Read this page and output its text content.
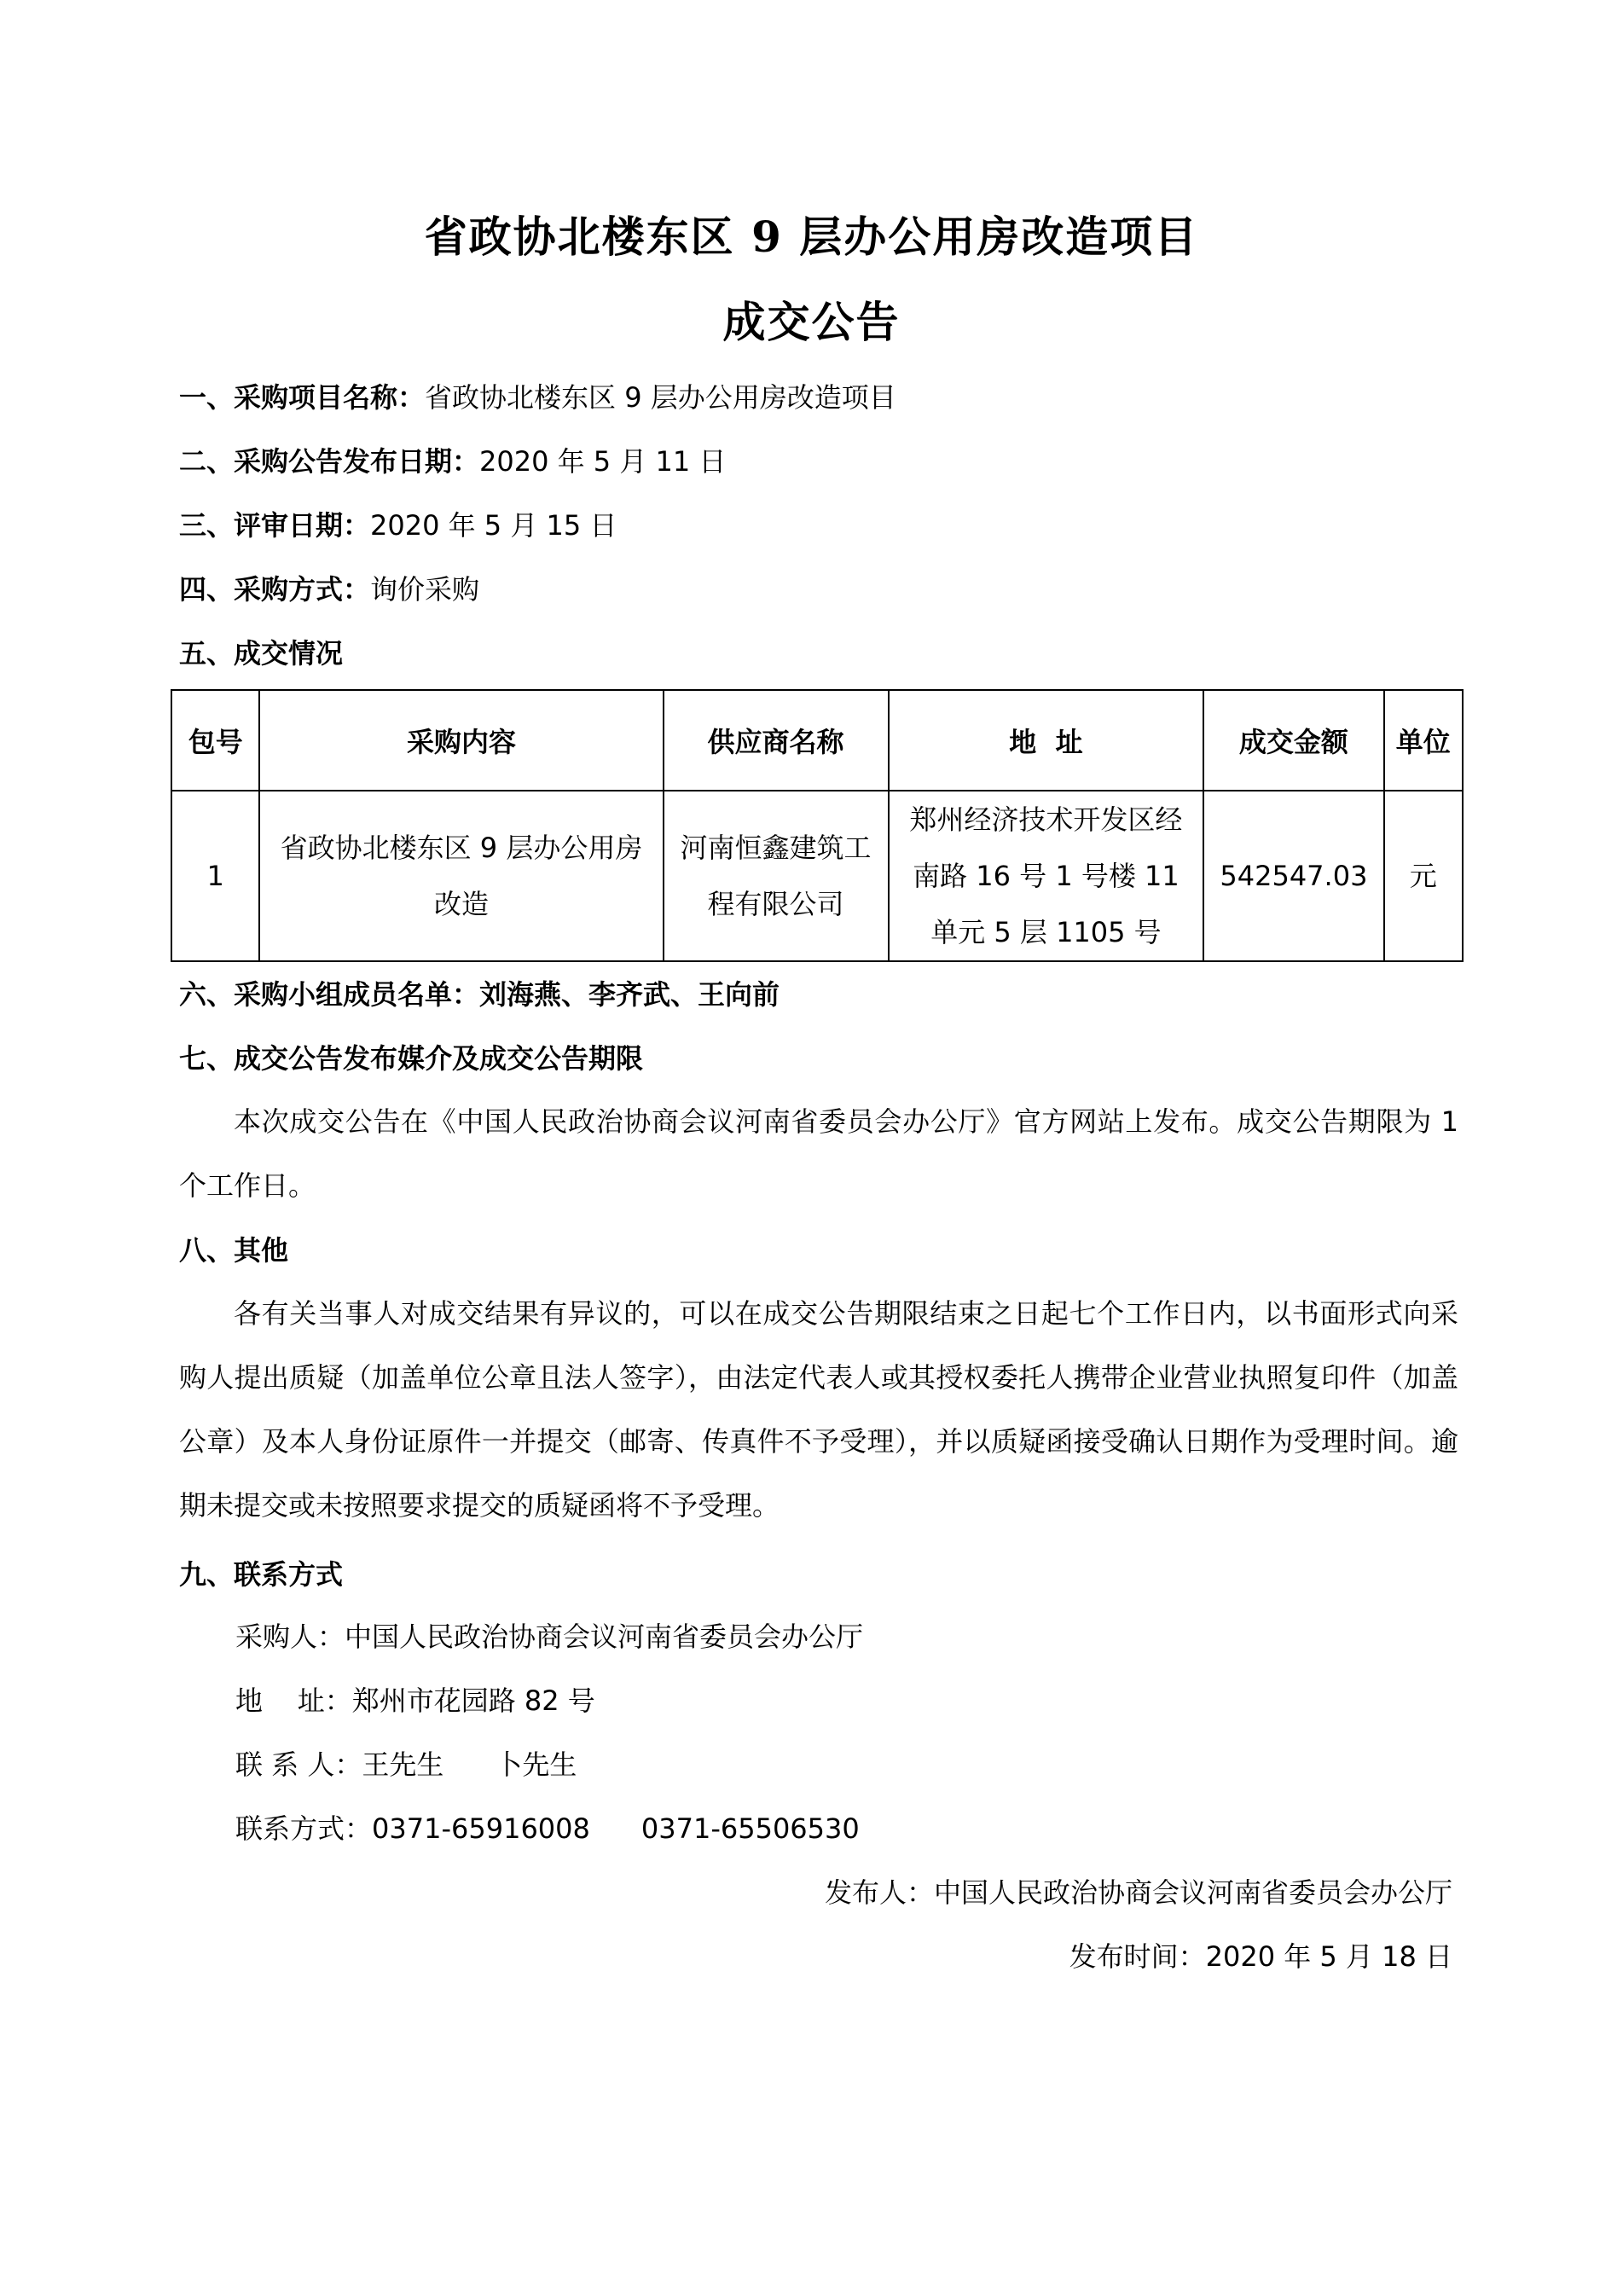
省政协北楼东区 9 层办公用房改造项目
成交公告
一、采购项目名称：省政协北楼东区 9 层办公用房改造项目
二、采购公告发布日期：2020 年 5 月 11 日
三、评审日期：2020 年 5 月 15 日
四、采购方式：询价采购
五、成交情况
包号	采购内容	供应商名称	地  址	成交金额	单位
1	省政协北楼东区 9 层办公用房改造	河南恒鑫建筑工程有限公司	郑州经济技术开发区经南路 16 号 1 号楼 11 单元 5 层 1105 号	542547.03	元
六、采购小组成员名单：刘海燕、李齐武、王向前
七、成交公告发布媒介及成交公告期限
本次成交公告在《中国人民政治协商会议河南省委员会办公厅》官方网站上发布。成交公告期限为 1 个工作日。
八、其他
各有关当事人对成交结果有异议的，可以在成交公告期限结束之日起七个工作日内，以书面形式向采购人提出质疑（加盖单位公章且法人签字），由法定代表人或其授权委托人携带企业营业执照复印件（加盖公章）及本人身份证原件一并提交（邮寄、传真件不予受理），并以质疑函接受确认日期作为受理时间。逾期未提交或未按照要求提交的质疑函将不予受理。
九、联系方式
采购人：中国人民政治协商会议河南省委员会办公厅
地    址：郑州市花园路 82 号
联 系 人：王先生 卜先生
联系方式：0371-65916008 0371-65506530
发布人：中国人民政治协商会议河南省委员会办公厅
发布时间：2020 年 5 月 18 日
